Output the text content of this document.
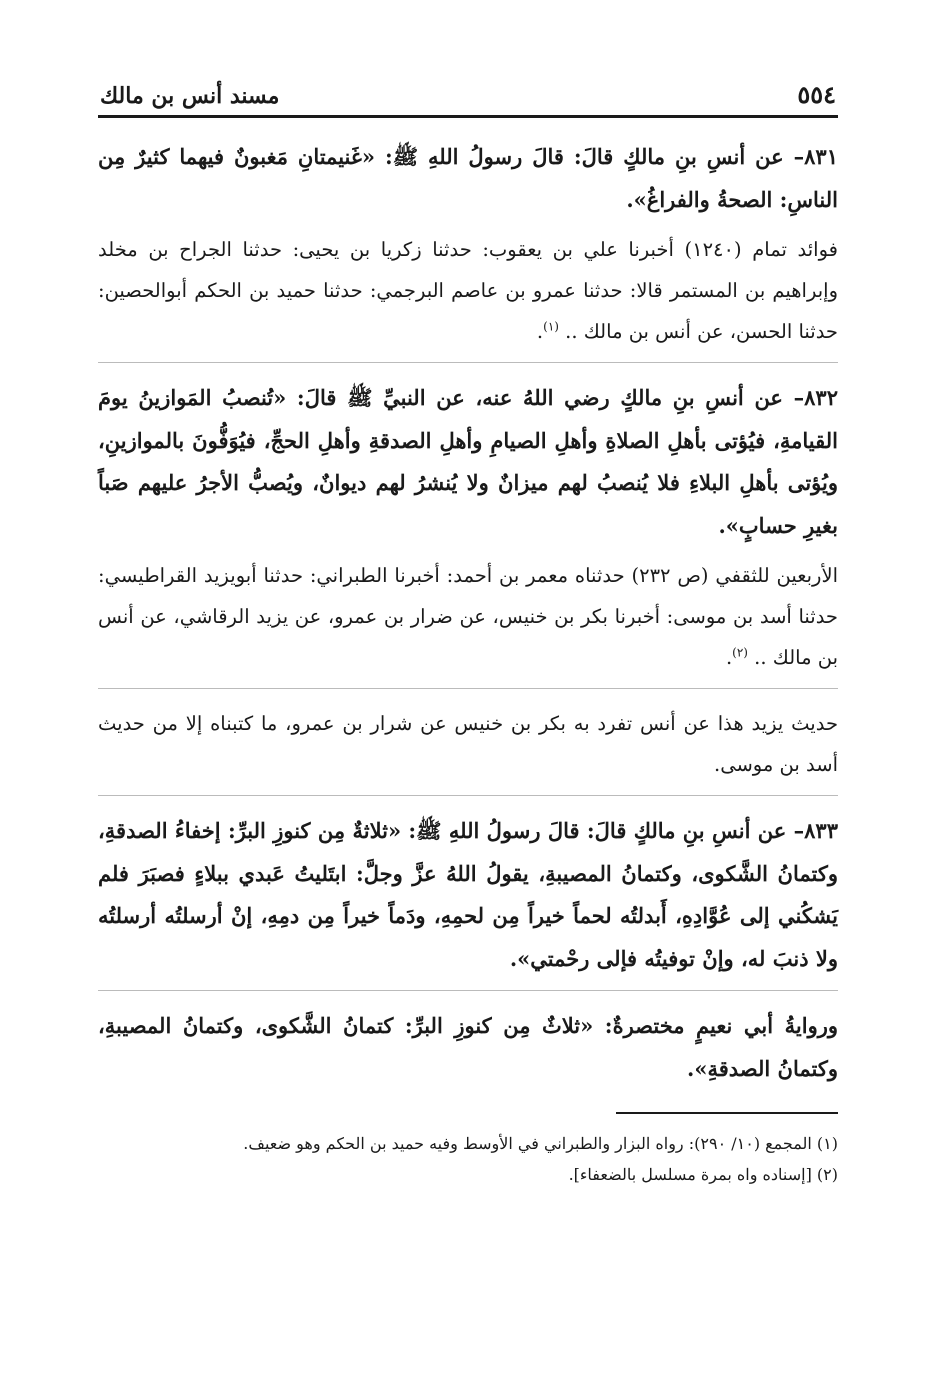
٥٥٤
مسند أنس بن مالك

٨٣١– عن أنسِ بنِ مالكٍ قالَ: قالَ رسولُ اللهِ ﷺ: «غَنيمتانِ مَغبونٌ فيهما كثيرٌ مِن الناسِ: الصحةُ والفراغُ».

فوائد تمام (١٢٤٠) أخبرنا علي بن يعقوب: حدثنا زكريا بن يحيى: حدثنا الجراح بن مخلد وإبراهيم بن المستمر قالا: حدثنا عمرو بن عاصم البرجمي: حدثنا حميد بن الحكم أبوالحصين: حدثنا الحسن، عن أنس بن مالك .. $^{(١)}$.

٨٣٢– عن أنسِ بنِ مالكٍ رضي اللهُ عنه، عن النبيِّ ﷺ قالَ: «تُنصبُ المَوازينُ يومَ القيامةِ، فيُؤتى بأهلِ الصلاةِ وأهلِ الصيامِ وأهلِ الصدقةِ وأهلِ الحجِّ، فيُوَفُّونَ بالموازينِ، ويُؤتى بأهلِ البلاءِ فلا يُنصبُ لهم ميزانٌ ولا يُنشرُ لهم ديوانٌ، ويُصبُّ الأجرُ عليهم صَباً بغيرِ حسابٍ».

الأربعين للثقفي (ص ٢٣٢) حدثناه معمر بن أحمد: أخبرنا الطبراني: حدثنا أبويزيد القراطيسي: حدثنا أسد بن موسى: أخبرنا بكر بن خنيس، عن ضرار بن عمرو، عن يزيد الرقاشي، عن أنس بن مالك .. $^{(٢)}$.

حديث يزيد هذا عن أنس تفرد به بكر بن خنيس عن شرار بن عمرو، ما كتبناه إلا من حديث أسد بن موسى.

٨٣٣– عن أنسِ بنِ مالكٍ قالَ: قالَ رسولُ اللهِ ﷺ: «ثلاثةٌ مِن كنوزِ البرِّ: إخفاءُ الصدقةِ، وكتمانُ الشَّكوى، وكتمانُ المصيبةِ، يقولُ اللهُ عزَّ وجلَّ: ابتَليتُ عَبدي ببلاءٍ فصبَرَ فلم يَشكُني إلى عُوَّادِهِ، أَبدلتُه لحماً خيراً مِن لحمِهِ، ودَماً خيراً مِن دمِهِ، إنْ أرسلتُه أرسلتُه ولا ذنبَ له، وإنْ توفيتُه فإلى رحْمتي».

وروايةُ أبي نعيمٍ مختصرةٌ: «ثلاثٌ مِن كنوزِ البرِّ: كتمانُ الشَّكوى، وكتمانُ المصيبةِ، وكتمانُ الصدقةِ».

(١) المجمع (١٠/ ٢٩٠): رواه البزار والطبراني في الأوسط وفيه حميد بن الحكم وهو ضعيف.

(٢) [إسناده واه بمرة مسلسل بالضعفاء].
